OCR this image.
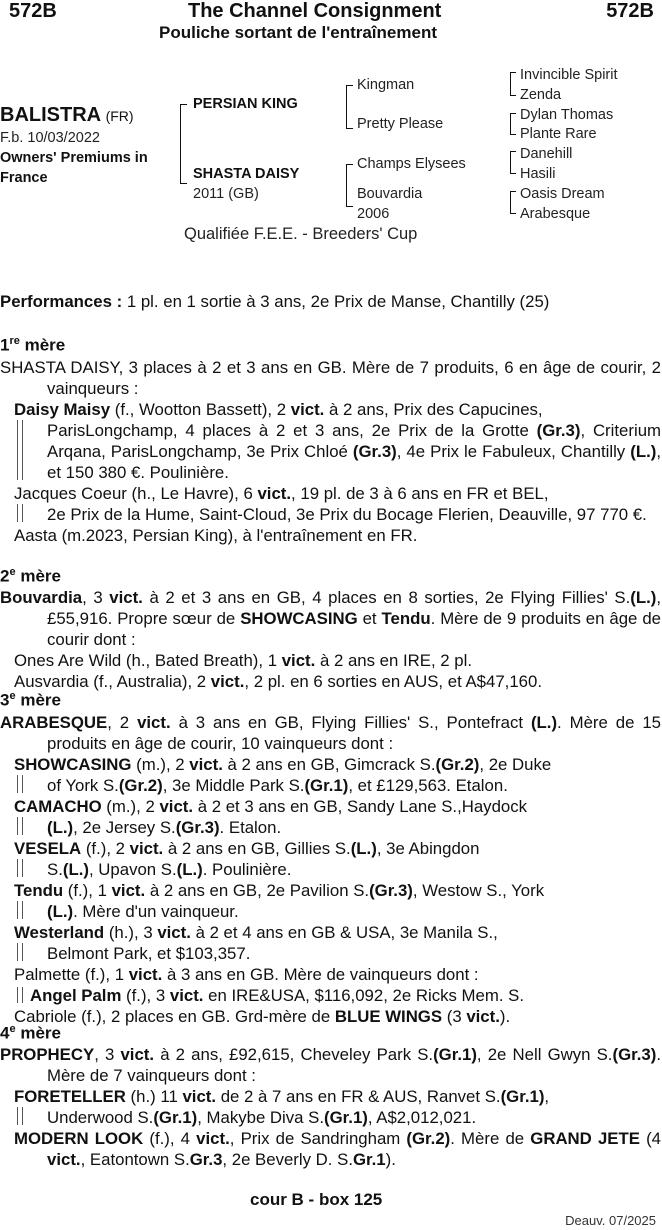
572B	The Channel Consignment	572B
Pouliche sortant de l'entraînement
BALISTRA (FR)
F.b. 10/03/2022
Owners' Premiums in
France
PERSIAN KING
SHASTA DAISY
2011 (GB)
Kingman
Pretty Please
Champs Elysees
Bouvardia
2006
Invincible Spirit
Zenda
Dylan Thomas
Plante Rare
Danehill
Hasili
Oasis Dream
Arabesque
Qualifiée F.E.E. - Breeders' Cup
Performances : 1 pl. en 1 sortie à 3 ans, 2e Prix de Manse, Chantilly (25)
1re mère

SHASTA DAISY, 3 places à 2 et 3 ans en GB. Mère de 7 produits, 6 en âge de courir, 2 vainqueurs :

Daisy Maisy (f., Wootton Bassett), 2 vict. à 2 ans, Prix des Capucines,

ParisLongchamp, 4 places à 2 et 3 ans, 2e Prix de la Grotte (Gr.3), Criterium Arqana, ParisLongchamp, 3e Prix Chloé (Gr.3), 4e Prix le Fabuleux, Chantilly (L.), et 150 380 €. Poulinière.

Jacques Coeur (h., Le Havre), 6 vict., 19 pl. de 3 à 6 ans en FR et BEL,

2e Prix de la Hume, Saint-Cloud, 3e Prix du Bocage Flerien, Deauville, 97 770 €.

Aasta (m.2023, Persian King), à l'entraînement en FR.

2e mère

Bouvardia, 3 vict. à 2 et 3 ans en GB, 4 places en 8 sorties, 2e Flying Fillies' S.(L.), £55,916. Propre sœur de SHOWCASING et Tendu. Mère de 9 produits en âge de courir dont :

Ones Are Wild (h., Bated Breath), 1 vict. à 2 ans en IRE, 2 pl.

Ausvardia (f., Australia), 2 vict., 2 pl. en 6 sorties en AUS, et A$47,160.

3e mère

ARABESQUE, 2 vict. à 3 ans en GB, Flying Fillies' S., Pontefract (L.). Mère de 15 produits en âge de courir, 10 vainqueurs dont :

SHOWCASING (m.), 2 vict. à 2 ans en GB, Gimcrack S.(Gr.2), 2e Duke

of York S.(Gr.2), 3e Middle Park S.(Gr.1), et £129,563. Etalon.

CAMACHO (m.), 2 vict. à 2 et 3 ans en GB, Sandy Lane S.,Haydock

(L.), 2e Jersey S.(Gr.3). Etalon.

VESELA (f.), 2 vict. à 2 ans en GB, Gillies S.(L.), 3e Abingdon

S.(L.), Upavon S.(L.). Poulinière.

Tendu (f.), 1 vict. à 2 ans en GB, 2e Pavilion S.(Gr.3), Westow S., York

(L.). Mère d'un vainqueur.

Westerland (h.), 3 vict. à 2 et 4 ans en GB & USA, 3e Manila S.,

Belmont Park, et $103,357.

Palmette (f.), 1 vict. à 3 ans en GB. Mère de vainqueurs dont :

Angel Palm (f.), 3 vict. en IRE&USA, $116,092, 2e Ricks Mem. S.

Cabriole (f.), 2 places en GB. Grd-mère de BLUE WINGS (3 vict.).

4e mère

PROPHECY, 3 vict. à 2 ans, £92,615, Cheveley Park S.(Gr.1), 2e Nell Gwyn S.(Gr.3). Mère de 7 vainqueurs dont :

FORETELLER (h.) 11 vict. de 2 à 7 ans en FR & AUS, Ranvet S.(Gr.1),

Underwood S.(Gr.1), Makybe Diva S.(Gr.1), A$2,012,021.

MODERN LOOK (f.), 4 vict., Prix de Sandringham (Gr.2). Mère de GRAND JETE (4 vict., Eatontown S.Gr.3, 2e Beverly D. S.Gr.1).

cour B - box 125
Deauv. 07/2025
